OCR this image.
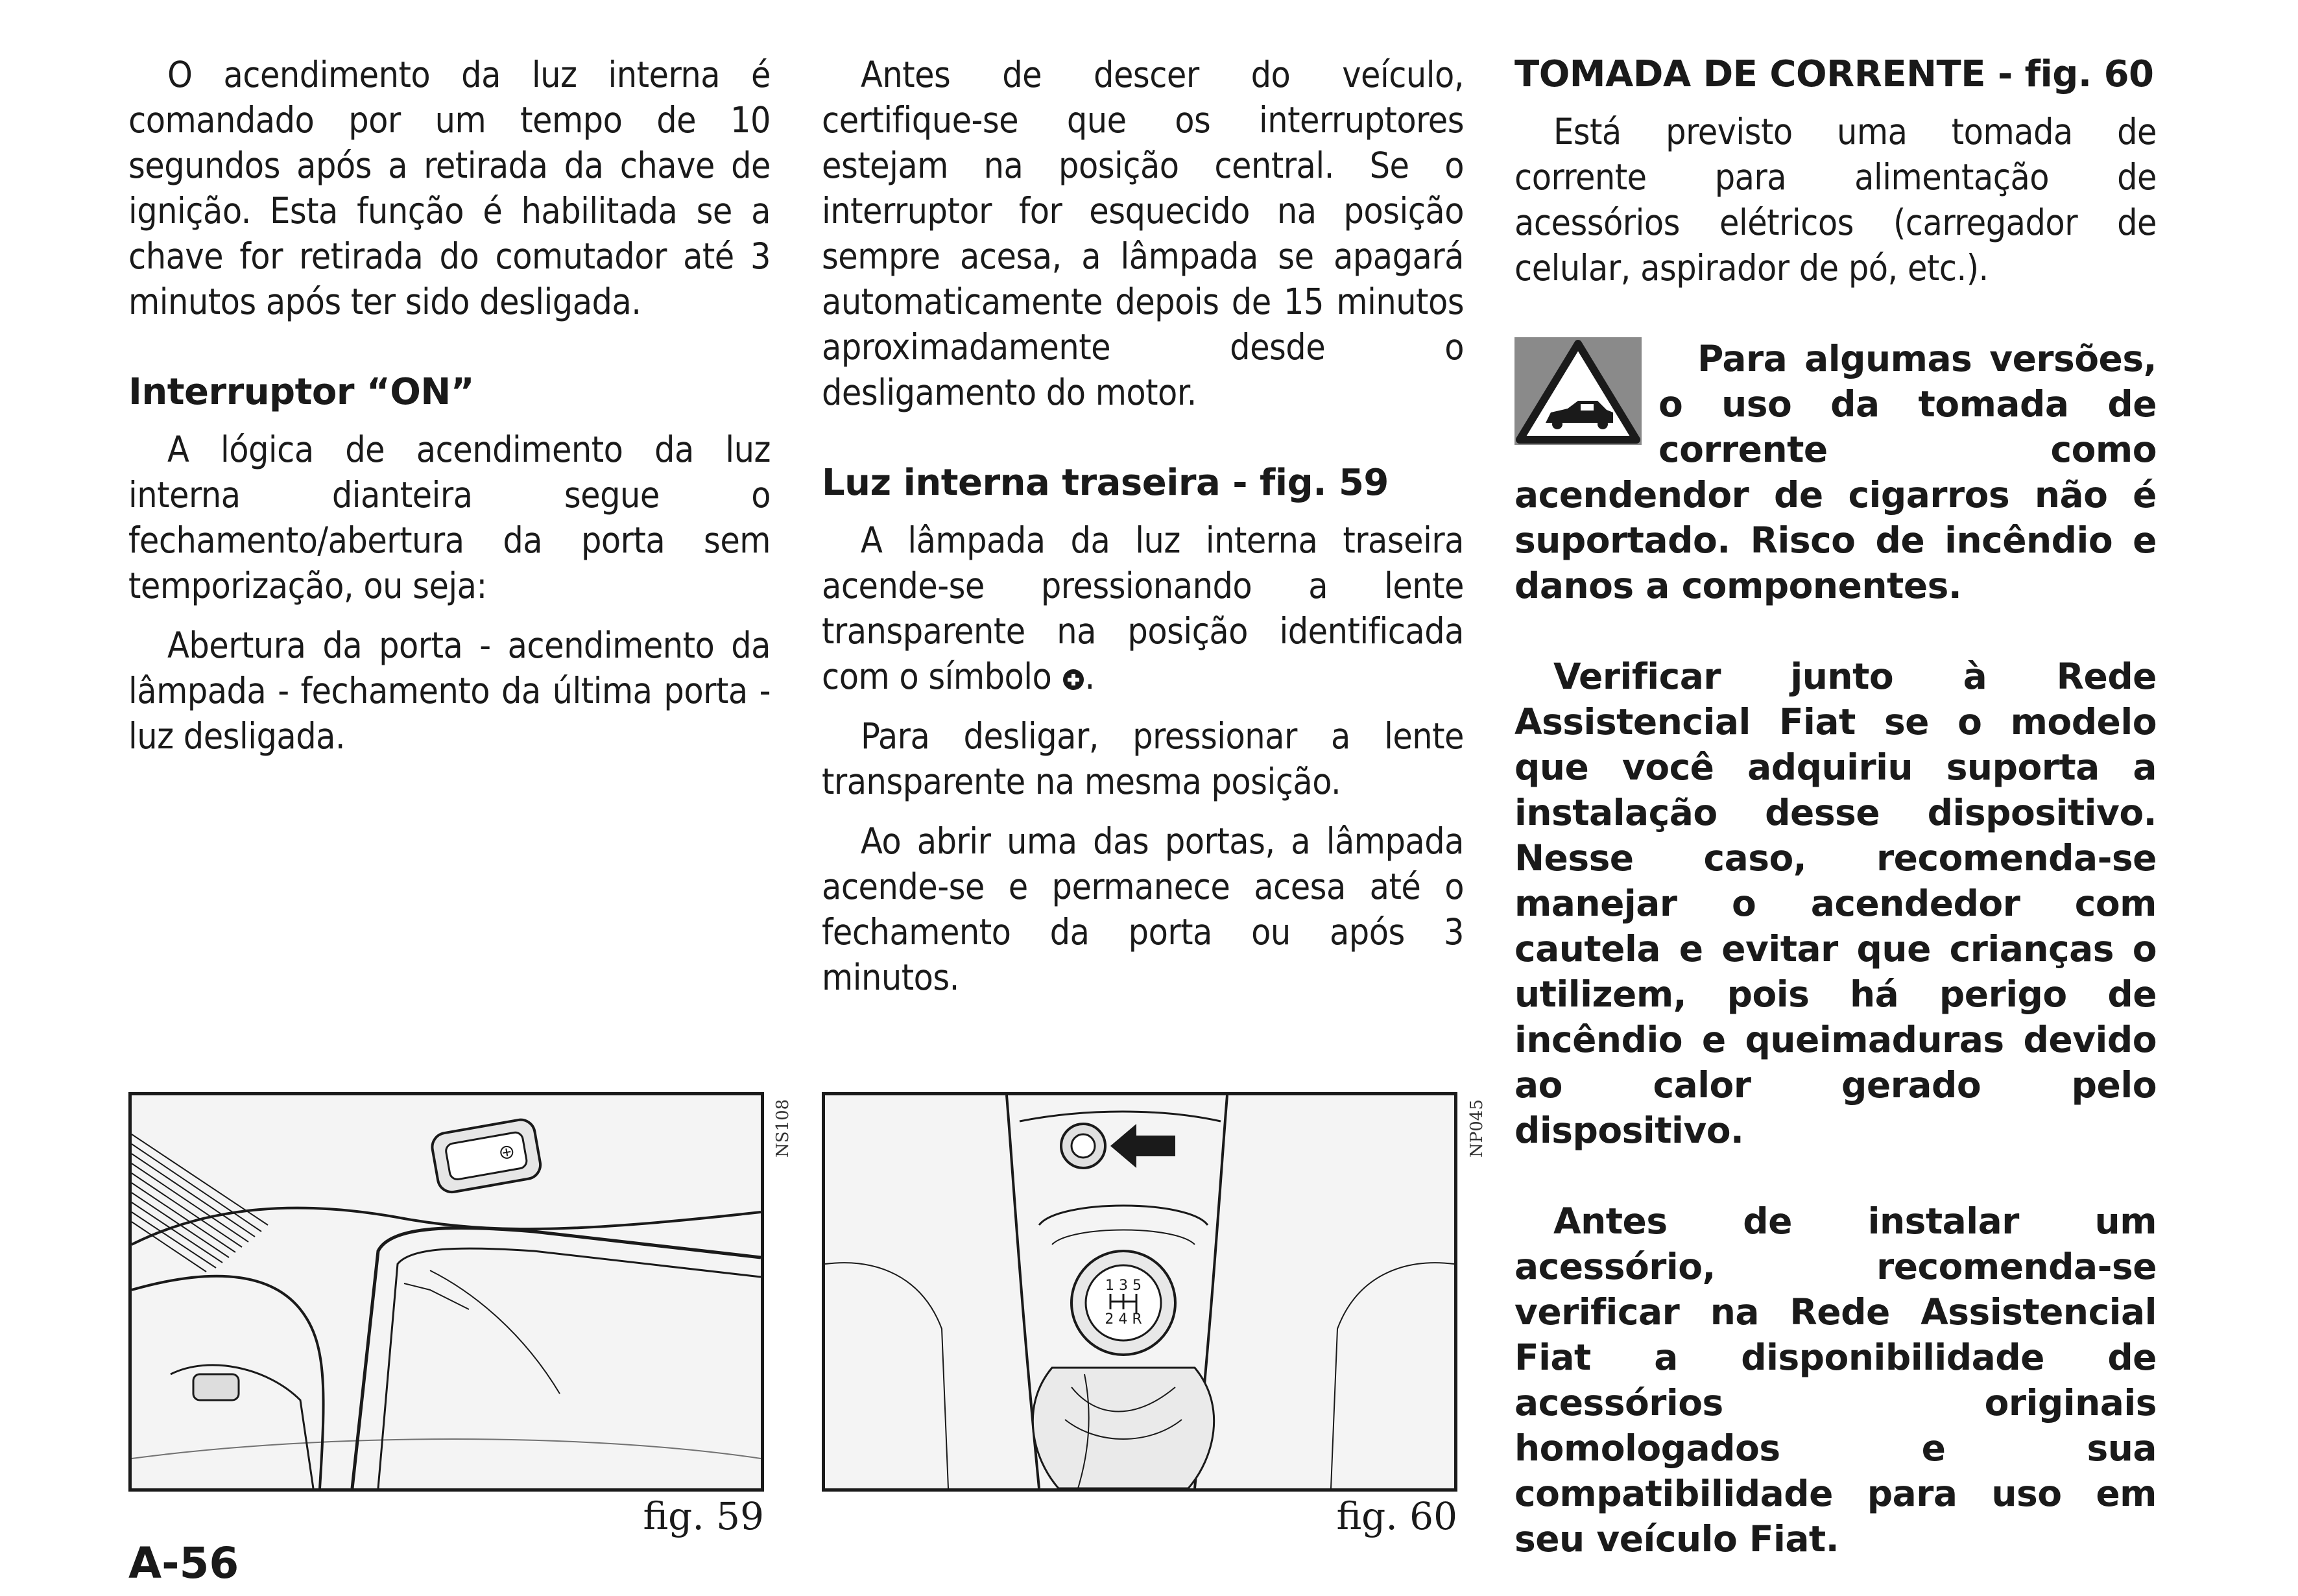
O acendimento da luz interna é comandado por um tempo de 10 segundos após a retirada da chave de ignição. Esta função é habilitada se a chave for retirada do comutador até 3 minutos após ter sido desligada.

Interruptor “ON”

A lógica de acendimento da luz interna dianteira segue o fechamento/abertura da porta sem temporização, ou seja:

Abertura da porta - acendimento da lâmpada - fechamento da última porta - luz desligada.

Antes de descer do veículo, certifique-se que os interruptores estejam na posição central. Se o interruptor for esquecido na posição sempre acesa, a lâmpada se apagará automaticamente depois de 15 minutos aproximadamente desde o desligamento do motor.

Luz interna traseira - fig. 59

A lâmpada da luz interna traseira acende-se pressionando a lente transparente na posição identificada com o símbolo .

Para desligar, pressionar a lente transparente na mesma posição.

Ao abrir uma das portas, a lâmpada acende-se e permanece acesa até o fechamento da porta ou após 3 minutos.

TOMADA DE CORRENTE - fig. 60

Está previsto uma tomada de corrente para alimentação de acessórios elétricos (carregador de celular, aspirador de pó, etc.).

Para algumas versões, o uso da tomada de corrente como acendendor de cigarros não é suportado. Risco de incêndio e danos a componentes.

Verificar junto à Rede Assistencial Fiat se o modelo que você adquiriu suporta a instalação desse dispositivo. Nesse caso, recomenda-se manejar o acendedor com cautela e evitar que crianças o utilizem, pois há perigo de incêndio e queimaduras devido ao calor gerado pelo dispositivo.

Antes de instalar um acessório, recomenda-se verificar na Rede Assistencial Fiat a disponibilidade de acessórios originais homologados e sua compatibilidade para uso em seu veículo Fiat.

NS108
fig. 59
1 3 5
2 4 R
NP045
fig. 60
A-56
